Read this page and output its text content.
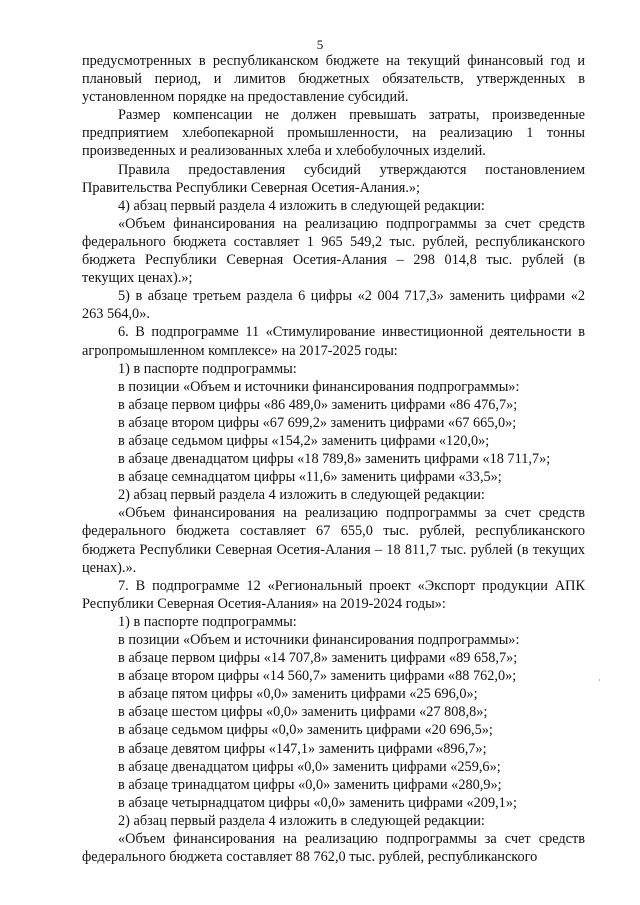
5

предусмотренных в республиканском бюджете на текущий финансовый год и плановый период, и лимитов бюджетных обязательств, утвержденных в установленном порядке на предоставление субсидий.

Размер компенсации не должен превышать затраты, произведенные предприятием хлебопекарной промышленности, на реализацию 1 тонны произведенных и реализованных хлеба и хлебобулочных изделий.

Правила предоставления субсидий утверждаются постановлением Правительства Республики Северная Осетия-Алания.»;

4) абзац первый раздела 4 изложить в следующей редакции:

«Объем финансирования на реализацию подпрограммы за счет средств федерального бюджета составляет 1 965 549,2 тыс. рублей, республиканского бюджета Республики Северная Осетия-Алания – 298 014,8 тыс. рублей (в текущих ценах).»;

5) в абзаце третьем раздела 6 цифры «2 004 717,3» заменить цифрами «2 263 564,0».

6. В подпрограмме 11 «Стимулирование инвестиционной деятельности в агропромышленном комплексе» на 2017-2025 годы:

1) в паспорте подпрограммы:

в позиции «Объем и источники финансирования подпрограммы»:

в абзаце первом цифры «86 489,0» заменить цифрами «86 476,7»;

в абзаце втором цифры «67 699,2» заменить цифрами «67 665,0»;

в абзаце седьмом цифры «154,2» заменить цифрами «120,0»;

в абзаце двенадцатом цифры «18 789,8» заменить цифрами «18 711,7»;

в абзаце семнадцатом цифры «11,6» заменить цифрами «33,5»;

2) абзац первый раздела 4 изложить в следующей редакции:

«Объем финансирования на реализацию подпрограммы за счет средств федерального бюджета составляет 67 655,0 тыс. рублей, республиканского бюджета Республики Северная Осетия-Алания – 18 811,7 тыс. рублей (в текущих ценах).».

7. В подпрограмме 12 «Региональный проект «Экспорт продукции АПК Республики Северная Осетия-Алания» на 2019-2024 годы»:

1) в паспорте подпрограммы:

в позиции «Объем и источники финансирования подпрограммы»:

в абзаце первом цифры «14 707,8» заменить цифрами «89 658,7»;

в абзаце втором цифры «14 560,7» заменить цифрами «88 762,0»;

в абзаце пятом цифры «0,0» заменить цифрами «25 696,0»;

в абзаце шестом цифры «0,0» заменить цифрами «27 808,8»;

в абзаце седьмом цифры «0,0» заменить цифрами «20 696,5»;

в абзаце девятом цифры «147,1» заменить цифрами «896,7»;

в абзаце двенадцатом цифры «0,0» заменить цифрами «259,6»;

в абзаце тринадцатом цифры «0,0» заменить цифрами «280,9»;

в абзаце четырнадцатом цифры «0,0» заменить цифрами «209,1»;

2) абзац первый раздела 4 изложить в следующей редакции:

«Объем финансирования на реализацию подпрограммы за счет средств федерального бюджета составляет 88 762,0 тыс. рублей, республиканского

·
